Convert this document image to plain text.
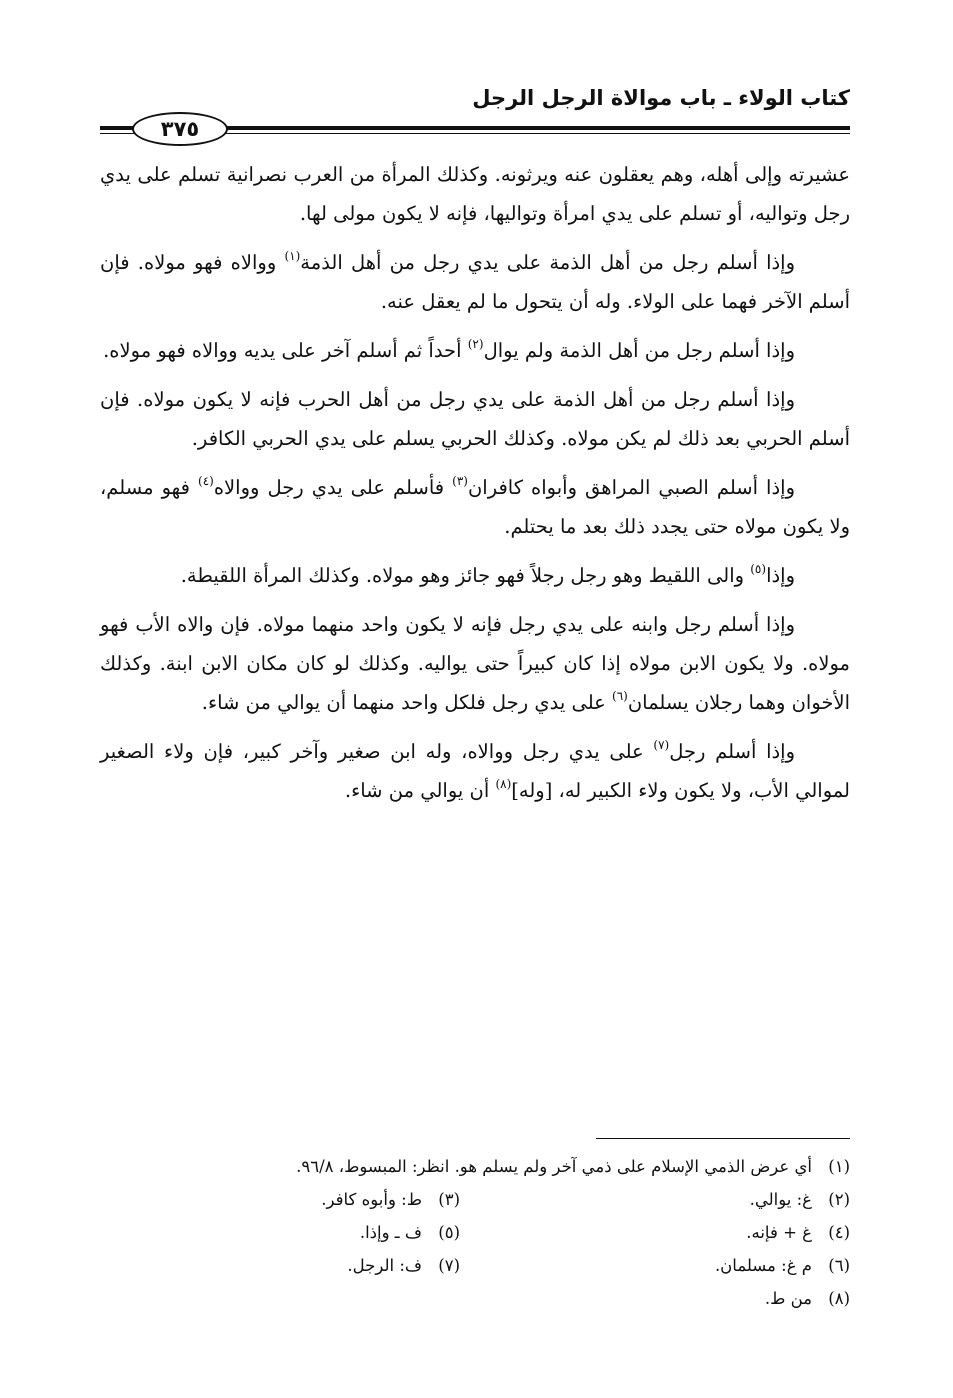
كتاب الولاء ـ باب موالاة الرجل الرجل
٣٧٥

عشيرته وإلى أهله، وهم يعقلون عنه ويرثونه. وكذلك المرأة من العرب نصرانية تسلم على يدي رجل وتواليه، أو تسلم على يدي امرأة وتواليها، فإنه لا يكون مولى لها.

وإذا أسلم رجل من أهل الذمة على يدي رجل من أهل الذمة$^{(١)}$ ووالاه فهو مولاه. فإن أسلم الآخر فهما على الولاء. وله أن يتحول ما لم يعقل عنه.

وإذا أسلم رجل من أهل الذمة ولم يوال$^{(٢)}$ أحداً ثم أسلم آخر على يديه ووالاه فهو مولاه.

وإذا أسلم رجل من أهل الذمة على يدي رجل من أهل الحرب فإنه لا يكون مولاه. فإن أسلم الحربي بعد ذلك لم يكن مولاه. وكذلك الحربي يسلم على يدي الحربي الكافر.

وإذا أسلم الصبي المراهق وأبواه كافران$^{(٣)}$ فأسلم على يدي رجل ووالاه$^{(٤)}$ فهو مسلم، ولا يكون مولاه حتى يجدد ذلك بعد ما يحتلم.

وإذا$^{(٥)}$ والى اللقيط وهو رجل رجلاً فهو جائز وهو مولاه. وكذلك المرأة اللقيطة.

وإذا أسلم رجل وابنه على يدي رجل فإنه لا يكون واحد منهما مولاه. فإن والاه الأب فهو مولاه. ولا يكون الابن مولاه إذا كان كبيراً حتى يواليه. وكذلك لو كان مكان الابن ابنة. وكذلك الأخوان وهما رجلان يسلمان$^{(٦)}$ على يدي رجل فلكل واحد منهما أن يوالي من شاء.

وإذا أسلم رجل$^{(٧)}$ على يدي رجل ووالاه، وله ابن صغير وآخر كبير، فإن ولاء الصغير لموالي الأب، ولا يكون ولاء الكبير له، [وله]$^{(٨)}$ أن يوالي من شاء.

(١)أي عرض الذمي الإسلام على ذمي آخر ولم يسلم هو. انظر: المبسوط، ٩٦/٨.
(٢)غ: يوالي.
(٣)ط: وأبوه كافر.
(٤)غ + فإنه.
(٥)ف ـ وإذا.
(٦)م غ: مسلمان.
(٧)ف: الرجل.
(٨)من ط.
